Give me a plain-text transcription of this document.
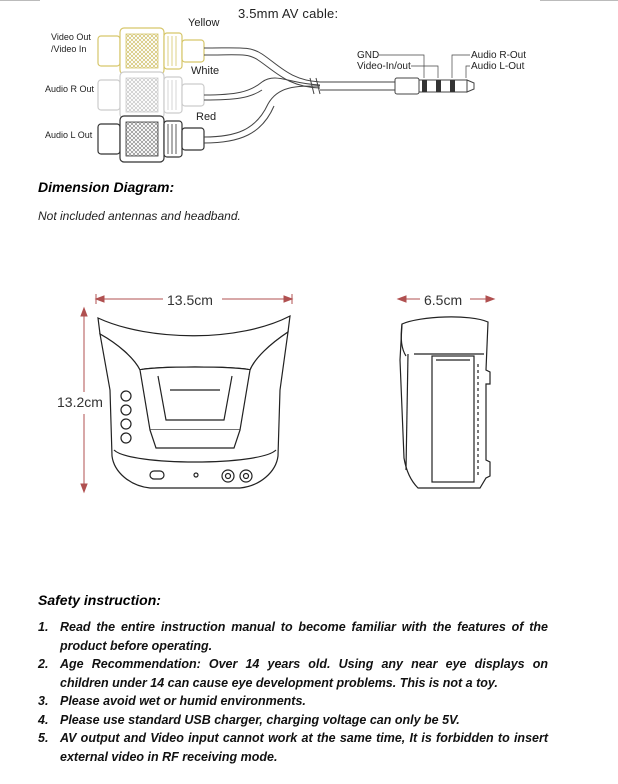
3.5mm AV cable:
Video Out
/Video In
Audio R Out
Audio L Out
Yellow
White
Red
GND
Video-In/out
Audio R-Out
Audio L-Out
Dimension Diagram:
Not included antennas and headband.
13.5cm
13.2cm
6.5cm
Safety instruction:
1. Read the entire instruction manual to become familiar with the features of the product before operating.
2. Age Recommendation: Over 14 years old. Using any near eye displays on children under 14 can cause eye development problems. This is not a toy.
3. Please avoid wet or humid environments.
4. Please use standard USB charger, charging voltage can only be 5V.
5. AV output and Video input cannot work at the same time, It is forbidden to insert external video in RF receiving mode.
